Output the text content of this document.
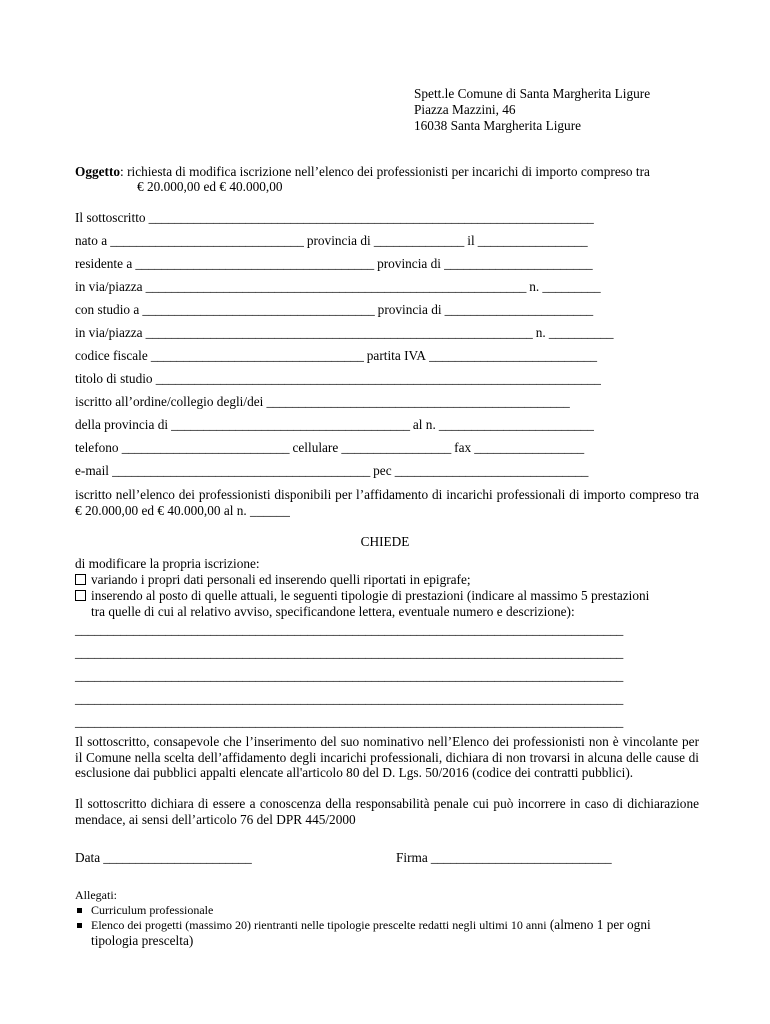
Spett.le Comune di Santa Margherita Ligure
Piazza Mazzini, 46
16038 Santa Margherita Ligure
Oggetto: richiesta di modifica iscrizione nell’elenco dei professionisti per incarichi di importo compreso tra
€ 20.000,00 ed € 40.000,00
Il sottoscritto _____________________________________________________________________
nato a ______________________________ provincia di ______________ il _________________
residente a _____________________________________ provincia di _______________________
in via/piazza ___________________________________________________________ n. _________
con studio a ____________________________________ provincia di _______________________
in via/piazza ____________________________________________________________ n. __________
codice fiscale _________________________________ partita IVA __________________________
titolo di studio _____________________________________________________________________
iscritto all’ordine/collegio degli/dei _______________________________________________
della provincia di _____________________________________ al n. ________________________
telefono __________________________ cellulare _________________ fax _________________
e-mail ________________________________________ pec ______________________________
iscritto nell’elenco dei professionisti disponibili per l’affidamento di incarichi professionali di importo compreso tra € 20.000,00 ed € 40.000,00 al n. ______
CHIEDE
di modificare la propria iscrizione:
variando i propri dati personali ed inserendo quelli riportati in epigrafe;
inserendo al posto di quelle attuali, le seguenti tipologie di prestazioni (indicare al massimo 5 prestazioni
tra quelle di cui al relativo avviso, specificandone lettera, eventuale numero e descrizione):
_____________________________________________________________________________________
_____________________________________________________________________________________
_____________________________________________________________________________________
_____________________________________________________________________________________
_____________________________________________________________________________________
Il sottoscritto, consapevole che l’inserimento del suo nominativo nell’Elenco dei professionisti non è vincolante per il Comune nella scelta dell’affidamento degli incarichi professionali, dichiara di non trovarsi in alcuna delle cause di esclusione dai pubblici appalti elencate all'articolo 80 del D. Lgs. 50/2016 (codice dei contratti pubblici).
Il sottoscritto dichiara di essere a conoscenza della responsabilità penale cui può incorrere in caso di dichiarazione mendace, ai sensi dell’articolo 76 del DPR 445/2000
Data _______________________	Firma ____________________________
Allegati:
Curriculum professionale
Elenco dei progetti (massimo 20) rientranti nelle tipologie prescelte redatti negli ultimi 10 anni (almeno 1 per ogni
tipologia prescelta)
